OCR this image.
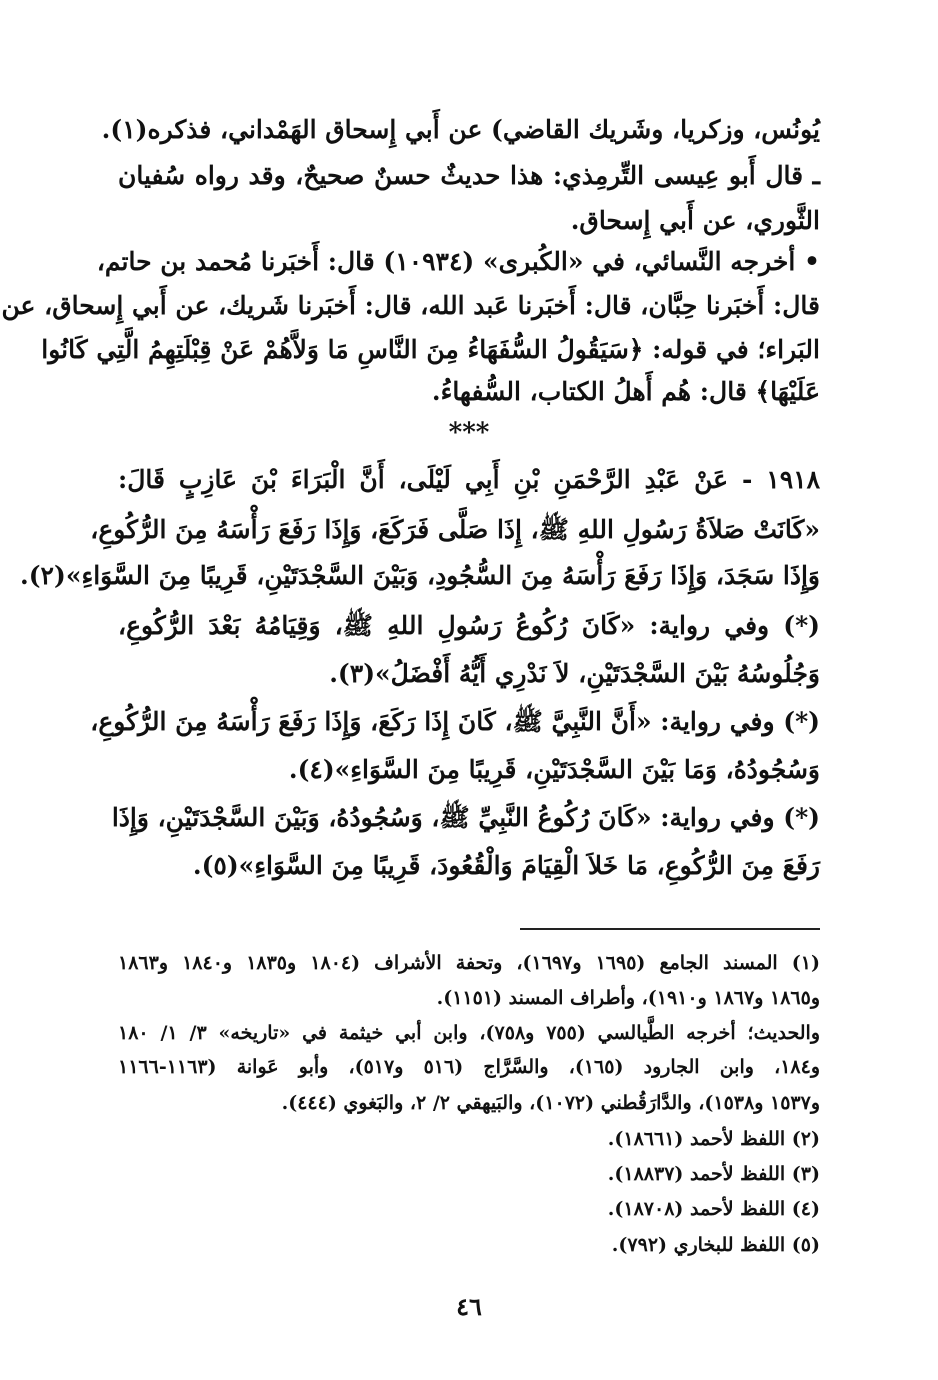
يُونُس، وزكريا، وشَريك القاضي) عن أَبي إِسحاق الهَمْداني، فذكره(١).
ـ قال أَبو عِيسى التِّرمِذي: هذا حديثٌ حسنٌ صحيحٌ، وقد رواه سُفيان
الثَّوري، عن أَبي إِسحاق.
• أخرجه النَّسائي، في «الكُبرى» (١٠٩٣٤) قال: أَخبَرنا مُحمد بن حاتم،
قال: أَخبَرنا حِبَّان، قال: أَخبَرنا عَبد الله، قال: أَخبَرنا شَريك، عن أَبي إِسحاق، عن
البَراء؛ في قوله: ﴿سَيَقُولُ السُّفَهَاءُ مِنَ النَّاسِ مَا وَلاَّهُمْ عَنْ قِبْلَتِهِمُ الَّتِي كَانُوا
عَلَيْهَا﴾ قال: هُم أَهلُ الكتاب، السُّفهاءُ.
***
١٩١٨ - عَنْ عَبْدِ الرَّحْمَنِ بْنِ أَبِي لَيْلَى، أَنَّ الْبَرَاءَ بْنَ عَازِبٍ قَالَ:
«كَانَتْ صَلاَةُ رَسُولِ اللهِ ﷺ، إِذَا صَلَّى فَرَكَعَ، وَإِذَا رَفَعَ رَأْسَهُ مِنَ الرُّكُوعِ،
وَإِذَا سَجَدَ، وَإِذَا رَفَعَ رَأْسَهُ مِنَ السُّجُودِ، وَبَيْنَ السَّجْدَتَيْنِ، قَرِيبًا مِنَ السَّوَاءِ»(٢).
(*) وفي رواية: «كَانَ رُكُوعُ رَسُولِ اللهِ ﷺ، وَقِيَامُهُ بَعْدَ الرُّكُوعِ،
وَجُلُوسُهُ بَيْنَ السَّجْدَتَيْنِ، لاَ نَدْرِي أَيُّهُ أَفْضَلُ»(٣).
(*) وفي رواية: «أَنَّ النَّبِيَّ ﷺ، كَانَ إِذَا رَكَعَ، وَإِذَا رَفَعَ رَأْسَهُ مِنَ الرُّكُوعِ،
وَسُجُودُهُ، وَمَا بَيْنَ السَّجْدَتَيْنِ، قَرِيبًا مِنَ السَّوَاءِ»(٤).
(*) وفي رواية: «كَانَ رُكُوعُ النَّبِيِّ ﷺ، وَسُجُودُهُ، وَبَيْنَ السَّجْدَتَيْنِ، وَإِذَا
رَفَعَ مِنَ الرُّكُوعِ، مَا خَلاَ الْقِيَامَ وَالْقُعُودَ، قَرِيبًا مِنَ السَّوَاءِ»(٥).
(١) المسند الجامع (١٦٩٥ و١٦٩٧)، وتحفة الأشراف (١٨٠٤ و١٨٣٥ و١٨٤٠ و١٨٦٣
و١٨٦٥ و١٨٦٧ و١٩١٠)، وأطراف المسند (١١٥١).
والحديث؛ أخرجه الطَّيالسي (٧٥٥ و٧٥٨)، وابن أبي خيثمة في «تاريخه» ٣/ ١/ ١٨٠
و١٨٤، وابن الجارود (١٦٥)، والسَّرَّاج (٥١٦ و٥١٧)، وأبو عَوانة (١١٦٣-١١٦٦
و١٥٣٧ و١٥٣٨)، والدَّارَقُطني (١٠٧٢)، والبَيهقي ٢/ ٢، والبَغوي (٤٤٤).
(٢) اللفظ لأحمد (١٨٦٦١).
(٣) اللفظ لأحمد (١٨٨٣٧).
(٤) اللفظ لأحمد (١٨٧٠٨).
(٥) اللفظ للبخاري (٧٩٢).
٤٦
